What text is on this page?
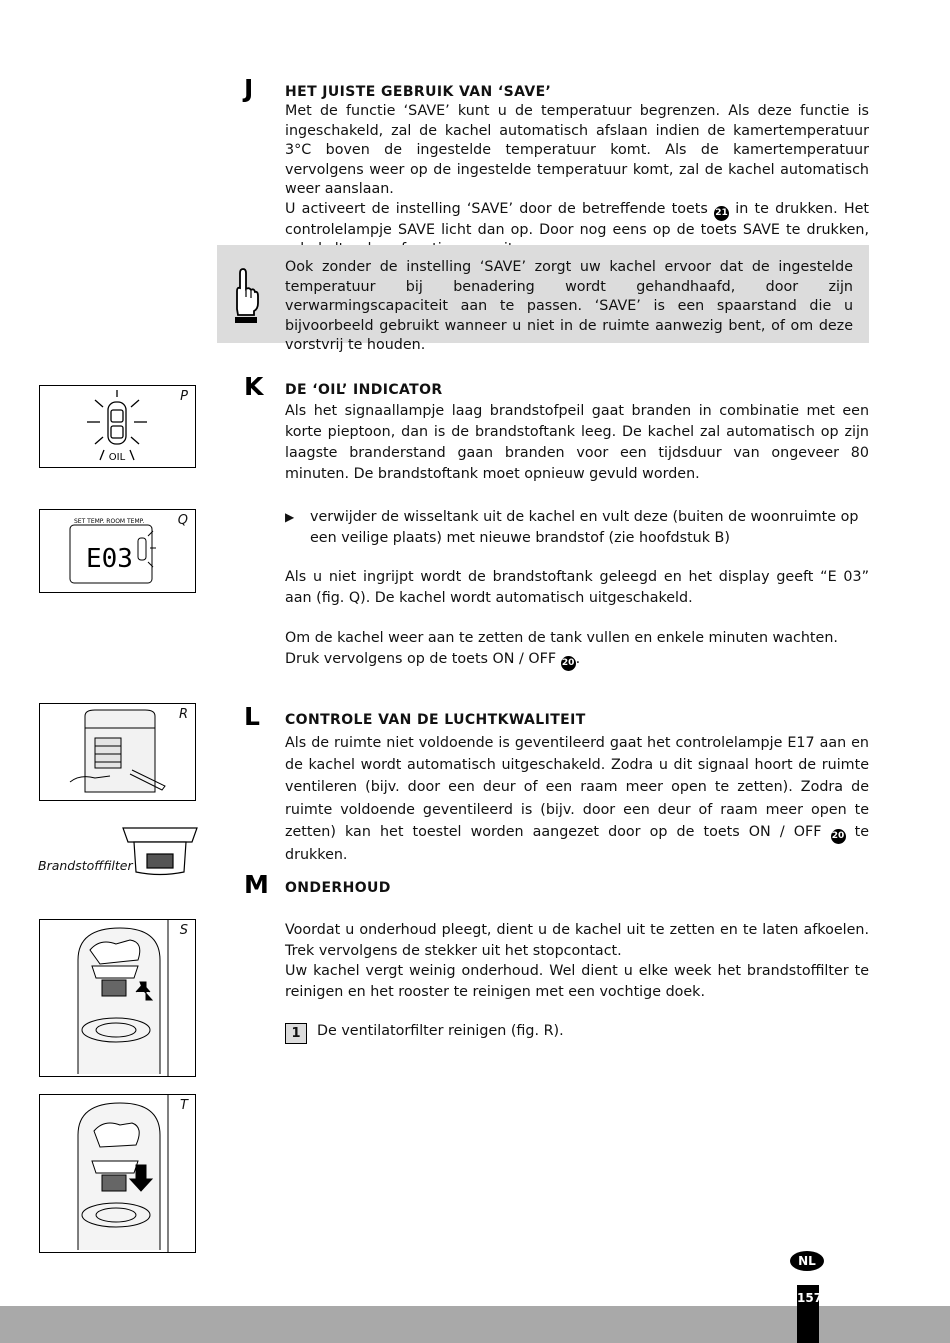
J HET JUISTE GEBRUIK VAN ‘SAVE’

Met de functie ‘SAVE’ kunt u de temperatuur begrenzen. Als deze functie is ingeschakeld, zal de kachel automatisch afslaan indien de kamertemperatuur 3°C boven de ingestelde temperatuur komt. Als de kamertemperatuur vervolgens weer op de ingestelde temperatuur komt, zal de kachel automatisch weer aanslaan.

U activeert de instelling ‘SAVE’ door de betreffende toets 21 in te drukken. Het controlelampje SAVE licht dan op. Door nog eens op de toets SAVE te drukken,

Ook zonder de instelling ‘SAVE’ zorgt uw kachel ervoor dat de ingestelde temperatuur bij benadering wordt gehandhaafd, door zijn verwarmingscapaciteit aan te passen. ‘SAVE’ is een spaarstand die u bijvoorbeeld gebruikt wanneer u niet in de ruimte aanwezig bent, of om deze vorstvrij te houden.
K DE ‘OIL’ INDICATOR
Als het signaallampje laag brandstofpeil gaat branden in combinatie met een korte pieptoon, dan is de brandstoftank leeg. De kachel zal automatisch op zijn laagste branderstand gaan branden voor een tijdsduur van ongeveer 80 minuten. De brandstoftank moet opnieuw gevuld worden.
▶ verwijder de wisseltank uit de kachel en vult deze (buiten de woonruimte op een veilige plaats) met nieuwe brandstof (zie hoofdstuk B)
Als u niet ingrijpt wordt de brandstoftank geleegd en het display geeft “E 03” aan (fig. Q). De kachel wordt automatisch uitgeschakeld.

Om de kachel weer aan te zetten de tank vullen en enkele minuten wachten.

Druk vervolgens op de toets ON / OFF 20.

L CONTROLE VAN DE LUCHTKWALITEIT
Als de ruimte niet voldoende is geventileerd gaat het controlelampje E17 aan en de kachel wordt automatisch uitgeschakeld. Zodra u dit signaal hoort de ruimte ventileren (bijv. door een deur of een raam meer open te zetten). Zodra de ruimte voldoende geventileerd is (bijv. door een deur of raam meer open te zetten) kan het toestel worden aangezet door op de toets ON / OFF 20 te drukken.
M ONDERHOUD

Voordat u onderhoud pleegt, dient u de kachel uit te zetten en te laten afkoelen. Trek vervolgens de stekker uit het stopcontact.

Uw kachel vergt weinig onderhoud. Wel dient u elke week het brandstoffilter te reinigen en het rooster te reinigen met een vochtige doek.

1	De ventilatorfilter reinigen (fig. R).
OIL
P
SET TEMP. ROOM TEMP.
E03
Q
R
Brandstofffilter
S
T
NL
157
